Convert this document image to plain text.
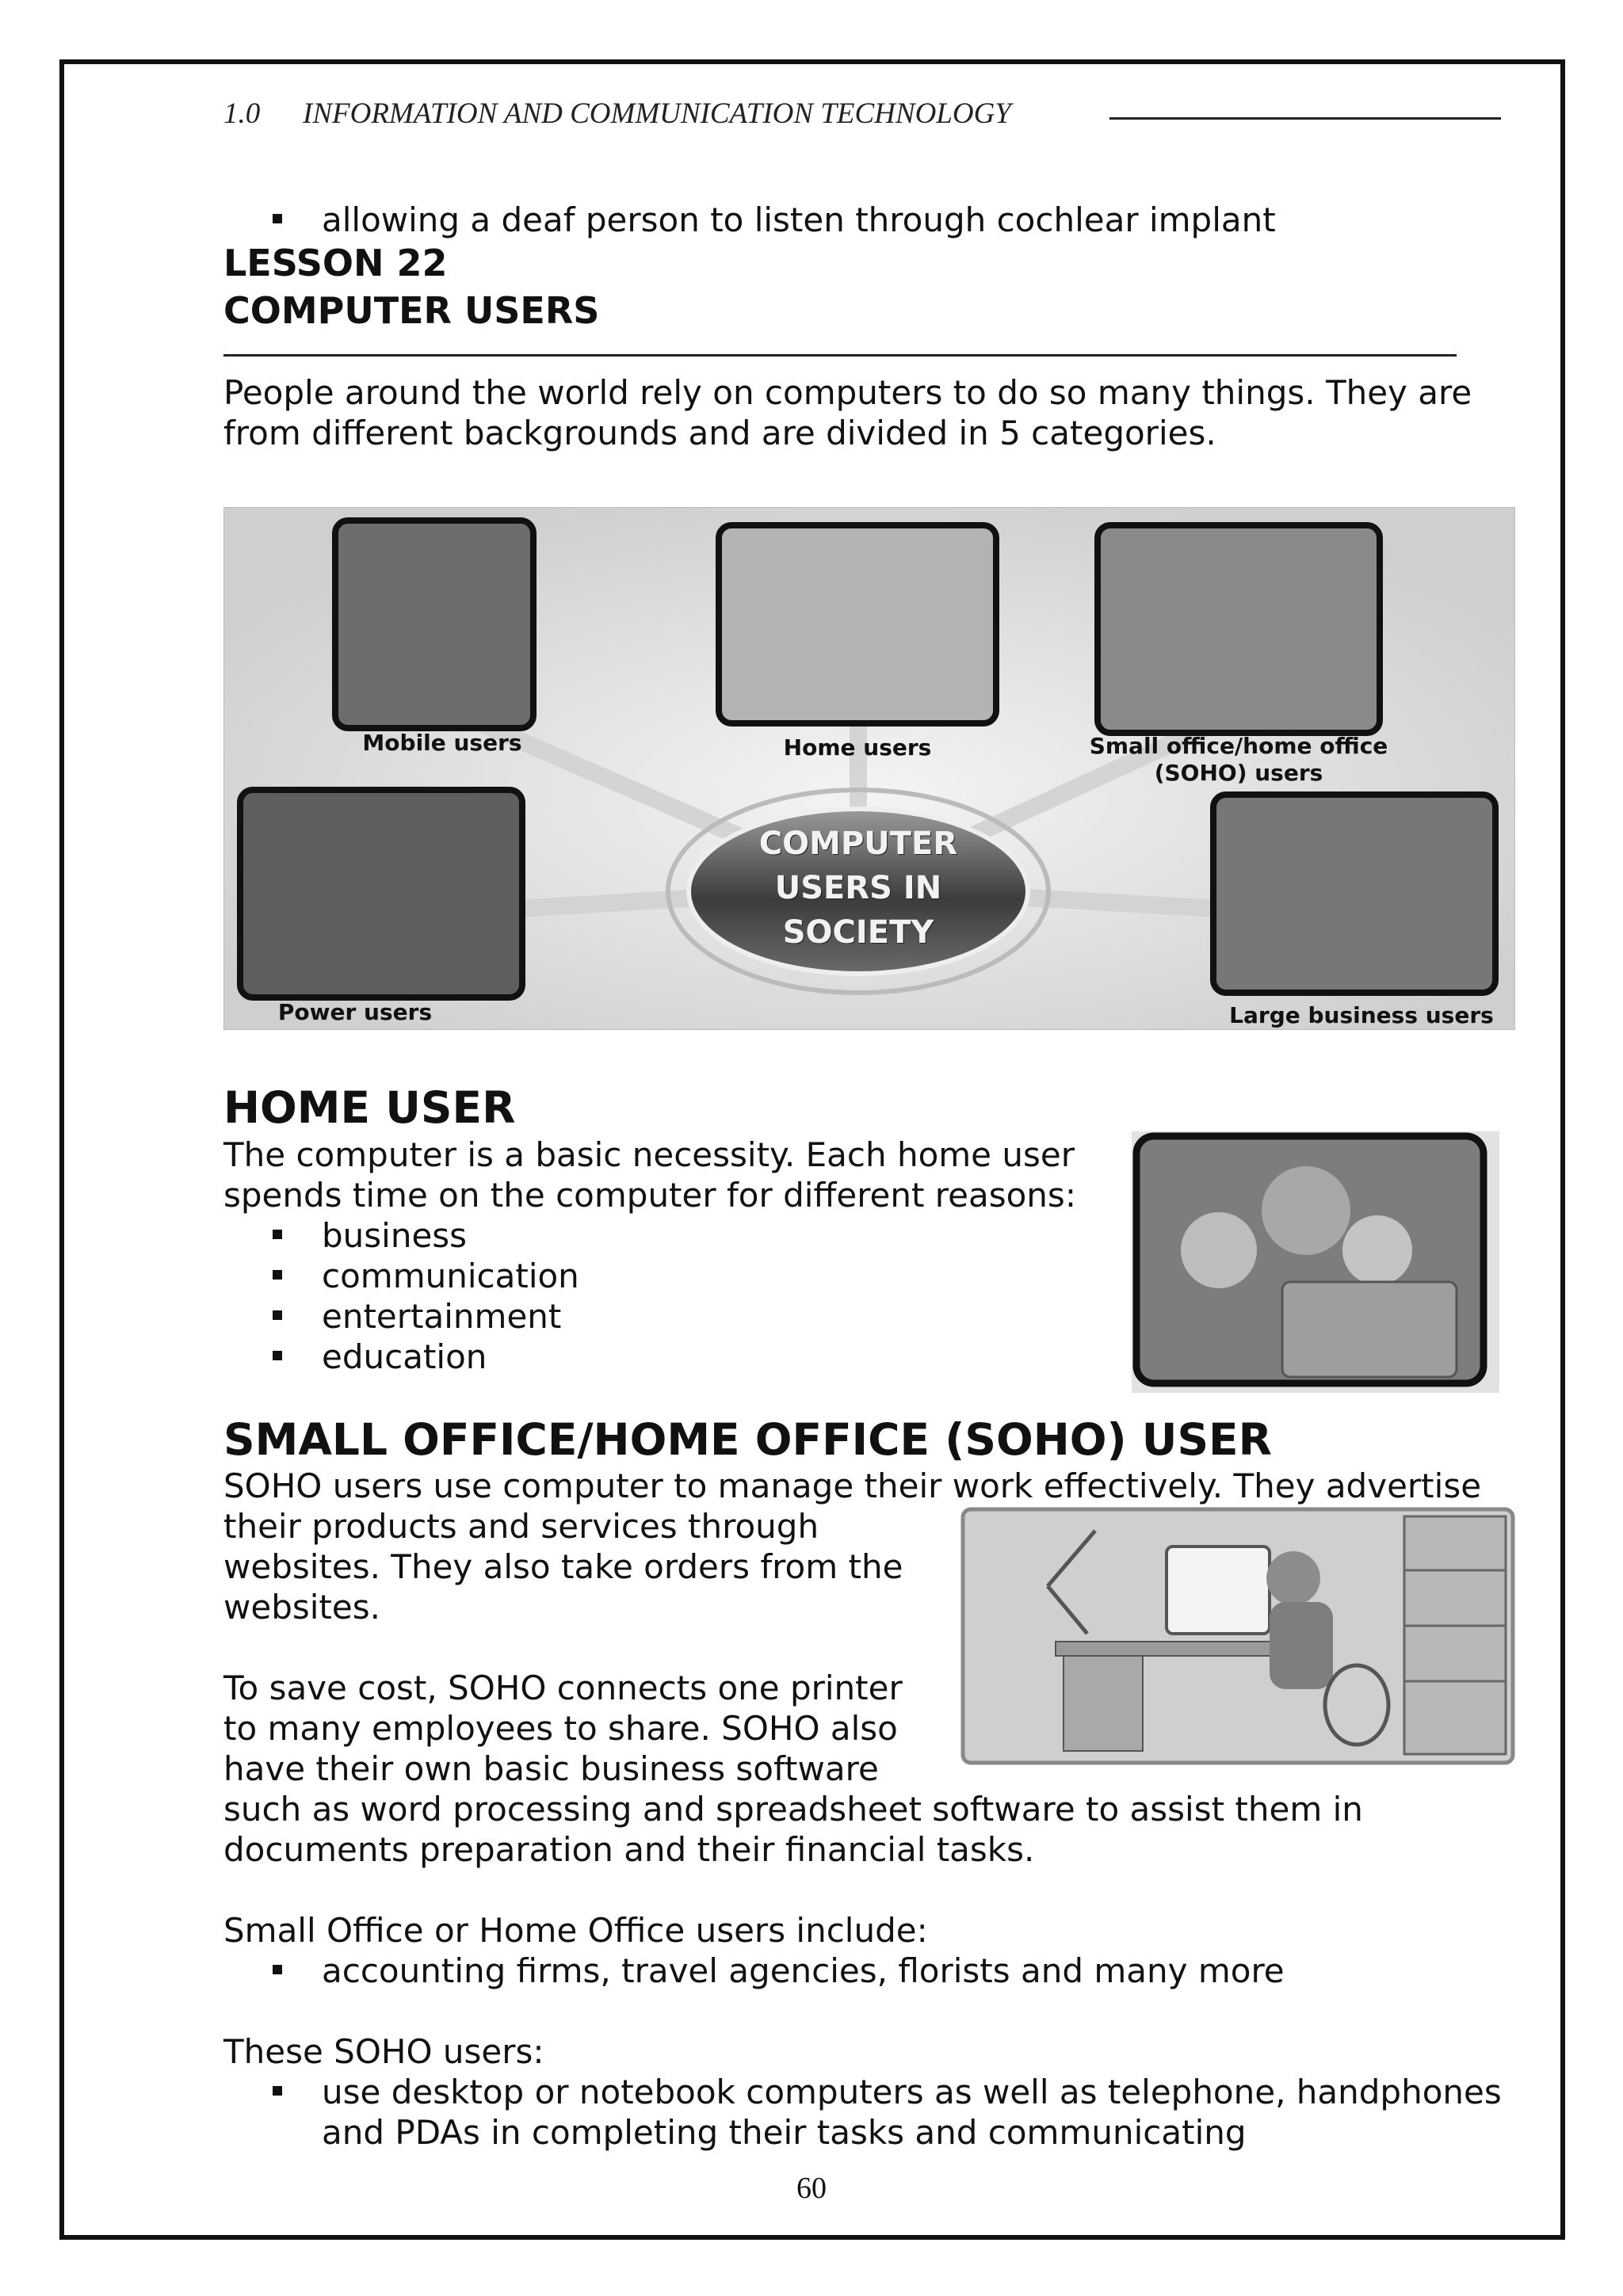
1.0 INFORMATION AND COMMUNICATION TECHNOLOGY
allowing a deaf person to listen through cochlear implant
LESSON 22
COMPUTER USERS
People around the world rely on computers to do so many things. They are
from different backgrounds and are divided in 5 categories.
Mobile users	Home users	Small office/home office
(SOHO) users
Power users	Large business users
COMPUTER
USERS IN
SOCIETY
HOME USER
The computer is a basic necessity. Each home user
spends time on the computer for different reasons:
business
communication
entertainment
education
SMALL OFFICE/HOME OFFICE (SOHO) USER
SOHO users use computer to manage their work effectively. They advertise
their products and services through
websites. They also take orders from the
websites.
To save cost, SOHO connects one printer
to many employees to share. SOHO also
have their own basic business software
such as word processing and spreadsheet software to assist them in
documents preparation and their financial tasks.
Small Office or Home Office users include:
accounting firms, travel agencies, florists and many more
These SOHO users:
use desktop or notebook computers as well as telephone, handphones
and PDAs in completing their tasks and communicating
60
